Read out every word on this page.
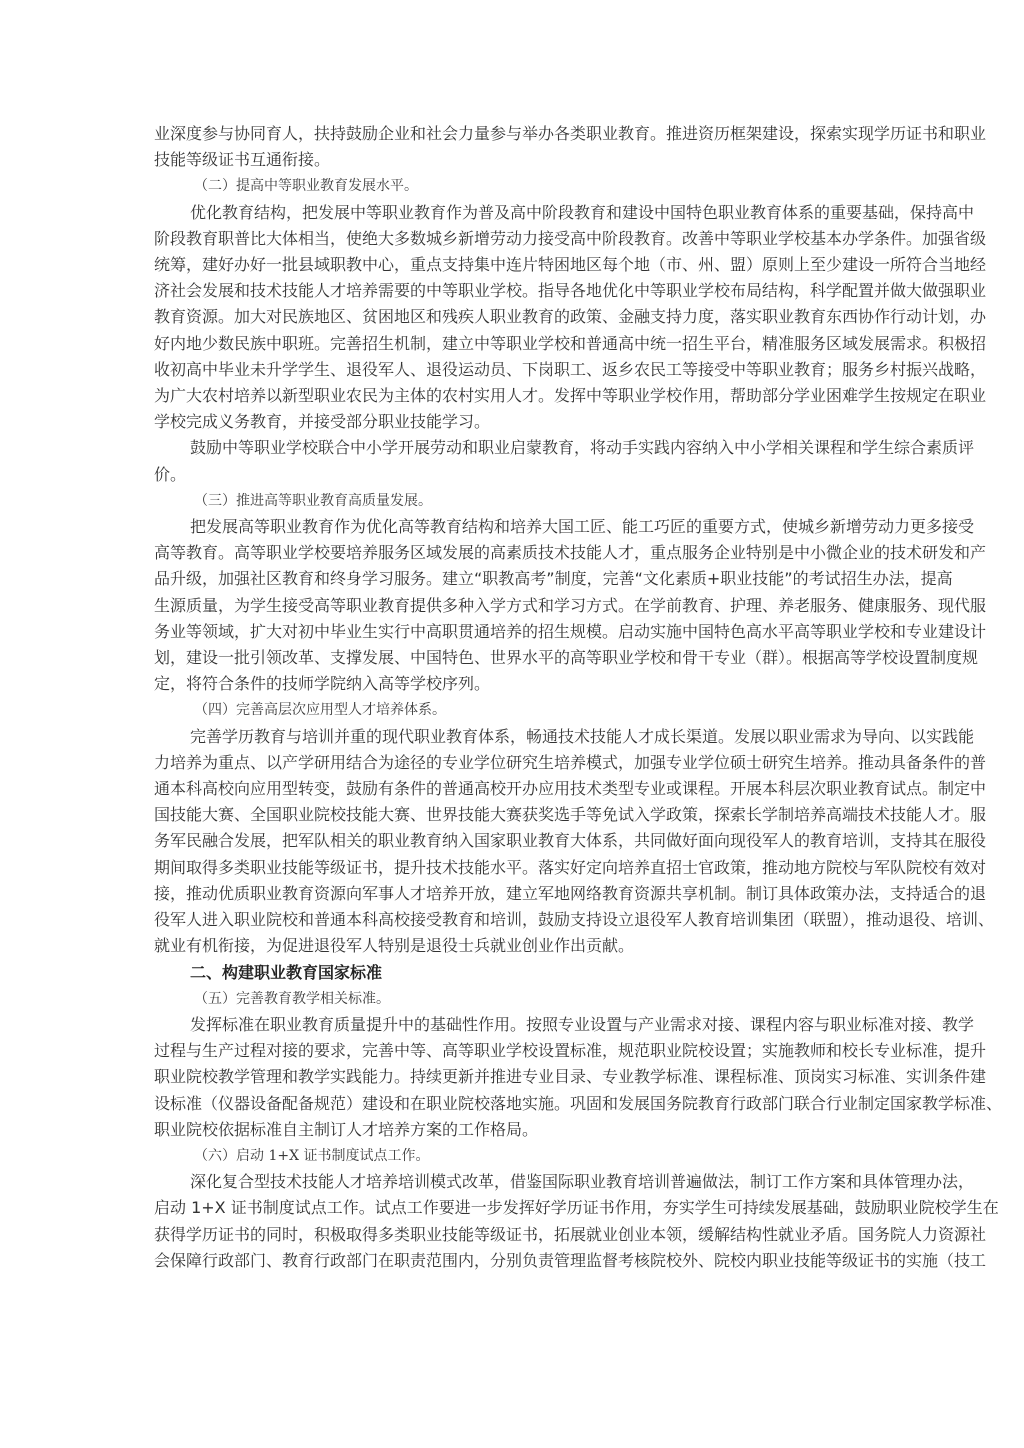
业深度参与协同育人，扶持鼓励企业和社会力量参与举办各类职业教育。推进资历框架建设，探索实现学历证书和职业
技能等级证书互通衔接。
（二）提高中等职业教育发展水平。
优化教育结构，把发展中等职业教育作为普及高中阶段教育和建设中国特色职业教育体系的重要基础，保持高中
阶段教育职普比大体相当，使绝大多数城乡新增劳动力接受高中阶段教育。改善中等职业学校基本办学条件。加强省级
统筹，建好办好一批县域职教中心，重点支持集中连片特困地区每个地（市、州、盟）原则上至少建设一所符合当地经
济社会发展和技术技能人才培养需要的中等职业学校。指导各地优化中等职业学校布局结构，科学配置并做大做强职业
教育资源。加大对民族地区、贫困地区和残疾人职业教育的政策、金融支持力度，落实职业教育东西协作行动计划，办
好内地少数民族中职班。完善招生机制，建立中等职业学校和普通高中统一招生平台，精准服务区域发展需求。积极招
收初高中毕业未升学学生、退役军人、退役运动员、下岗职工、返乡农民工等接受中等职业教育；服务乡村振兴战略，
为广大农村培养以新型职业农民为主体的农村实用人才。发挥中等职业学校作用，帮助部分学业困难学生按规定在职业
学校完成义务教育，并接受部分职业技能学习。
鼓励中等职业学校联合中小学开展劳动和职业启蒙教育，将动手实践内容纳入中小学相关课程和学生综合素质评
价。
（三）推进高等职业教育高质量发展。
把发展高等职业教育作为优化高等教育结构和培养大国工匠、能工巧匠的重要方式，使城乡新增劳动力更多接受
高等教育。高等职业学校要培养服务区域发展的高素质技术技能人才，重点服务企业特别是中小微企业的技术研发和产
品升级，加强社区教育和终身学习服务。建立“职教高考”制度，完善“文化素质+职业技能”的考试招生办法，提高
生源质量，为学生接受高等职业教育提供多种入学方式和学习方式。在学前教育、护理、养老服务、健康服务、现代服
务业等领域，扩大对初中毕业生实行中高职贯通培养的招生规模。启动实施中国特色高水平高等职业学校和专业建设计
划，建设一批引领改革、支撑发展、中国特色、世界水平的高等职业学校和骨干专业（群）。根据高等学校设置制度规
定，将符合条件的技师学院纳入高等学校序列。
（四）完善高层次应用型人才培养体系。
完善学历教育与培训并重的现代职业教育体系，畅通技术技能人才成长渠道。发展以职业需求为导向、以实践能
力培养为重点、以产学研用结合为途径的专业学位研究生培养模式，加强专业学位硕士研究生培养。推动具备条件的普
通本科高校向应用型转变，鼓励有条件的普通高校开办应用技术类型专业或课程。开展本科层次职业教育试点。制定中
国技能大赛、全国职业院校技能大赛、世界技能大赛获奖选手等免试入学政策，探索长学制培养高端技术技能人才。服
务军民融合发展，把军队相关的职业教育纳入国家职业教育大体系，共同做好面向现役军人的教育培训，支持其在服役
期间取得多类职业技能等级证书，提升技术技能水平。落实好定向培养直招士官政策，推动地方院校与军队院校有效对
接，推动优质职业教育资源向军事人才培养开放，建立军地网络教育资源共享机制。制订具体政策办法，支持适合的退
役军人进入职业院校和普通本科高校接受教育和培训，鼓励支持设立退役军人教育培训集团（联盟），推动退役、培训、
就业有机衔接，为促进退役军人特别是退役士兵就业创业作出贡献。
二、构建职业教育国家标准
（五）完善教育教学相关标准。
发挥标准在职业教育质量提升中的基础性作用。按照专业设置与产业需求对接、课程内容与职业标准对接、教学
过程与生产过程对接的要求，完善中等、高等职业学校设置标准，规范职业院校设置；实施教师和校长专业标准，提升
职业院校教学管理和教学实践能力。持续更新并推进专业目录、专业教学标准、课程标准、顶岗实习标准、实训条件建
设标准（仪器设备配备规范）建设和在职业院校落地实施。巩固和发展国务院教育行政部门联合行业制定国家教学标准、
职业院校依据标准自主制订人才培养方案的工作格局。
（六）启动 1+X 证书制度试点工作。
深化复合型技术技能人才培养培训模式改革，借鉴国际职业教育培训普遍做法，制订工作方案和具体管理办法，
启动 1+X 证书制度试点工作。试点工作要进一步发挥好学历证书作用，夯实学生可持续发展基础，鼓励职业院校学生在
获得学历证书的同时，积极取得多类职业技能等级证书，拓展就业创业本领，缓解结构性就业矛盾。国务院人力资源社
会保障行政部门、教育行政部门在职责范围内，分别负责管理监督考核院校外、院校内职业技能等级证书的实施（技工
